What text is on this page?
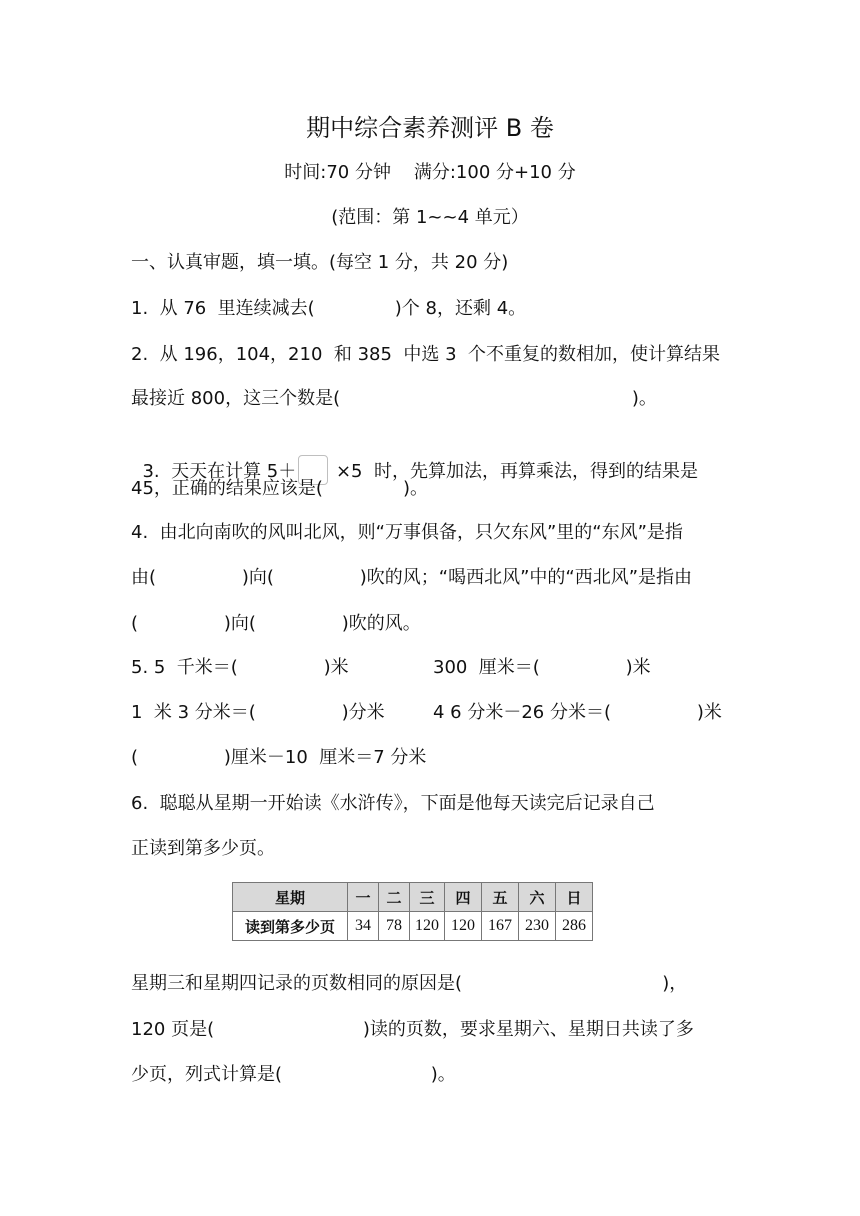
期中综合素养测评 B 卷
时间:70 分钟    满分:100 分+10 分
(范围：第 1~~4 单元）
一、认真审题，填一填。(每空 1 分，共 20 分)
1.  从 76  里连续减去(              )个 8，还剩 4。
2.  从 196，104，210  和 385  中选 3  个不重复的数相加，使计算结果
最接近 800，这三个数是(                                                   )。

3.  天天在计算 5＋ ×5  时，先算加法，再算乘法，得到的结果是

45，正确的结果应该是(              )。
4.  由北向南吹的风叫北风，则“万事俱备，只欠东风”里的“东风”是指
由(               )向(               )吹的风；“喝西北风”中的“西北风”是指由
(               )向(               )吹的风。
5. 5  千米＝(               )米	300  厘米＝(               )米
1  米 3 分米＝(               )分米	4 6 分米－26 分米＝(               )米
(               )厘米－10  厘米＝7 分米
6.  聪聪从星期一开始读《水浒传》，下面是他每天读完后记录自己
正读到第多少页。
星期	一	二	三	四	五	六	日
读到第多少页	34	78	120	120	167	230	286
星期三和星期四记录的页数相同的原因是(                                   )，
120 页是(                          )读的页数，要求星期六、星期日共读了多
少页，列式计算是(                          )。
